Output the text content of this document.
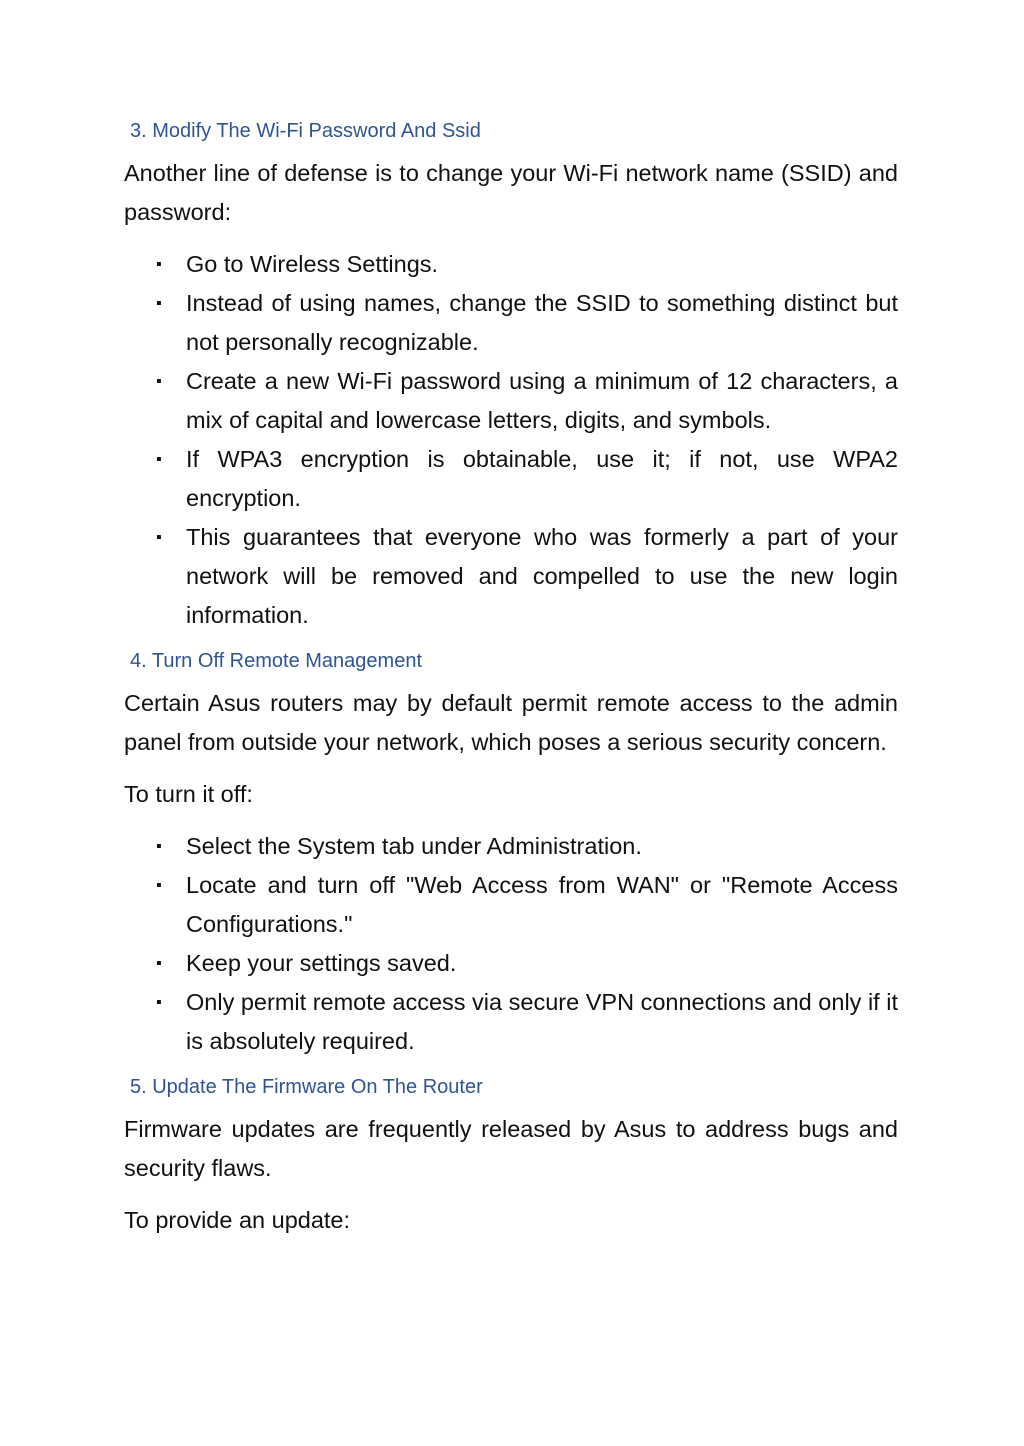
3. Modify The Wi-Fi Password And Ssid

Another line of defense is to change your Wi-Fi network name (SSID) and password:

▪ Go to Wireless Settings.
▪ Instead of using names, change the SSID to something distinct but not personally recognizable.
▪ Create a new Wi-Fi password using a minimum of 12 characters, a mix of capital and lowercase letters, digits, and symbols.
▪ If WPA3 encryption is obtainable, use it; if not, use WPA2 encryption.
▪ This guarantees that everyone who was formerly a part of your network will be removed and compelled to use the new login information.
4. Turn Off Remote Management

Certain Asus routers may by default permit remote access to the admin panel from outside your network, which poses a serious security concern.

To turn it off:

▪ Select the System tab under Administration.
▪ Locate and turn off "Web Access from WAN" or "Remote Access Configurations."
▪ Keep your settings saved.
▪ Only permit remote access via secure VPN connections and only if it is absolutely required.
5. Update The Firmware On The Router

Firmware updates are frequently released by Asus to address bugs and security flaws.

To provide an update:
